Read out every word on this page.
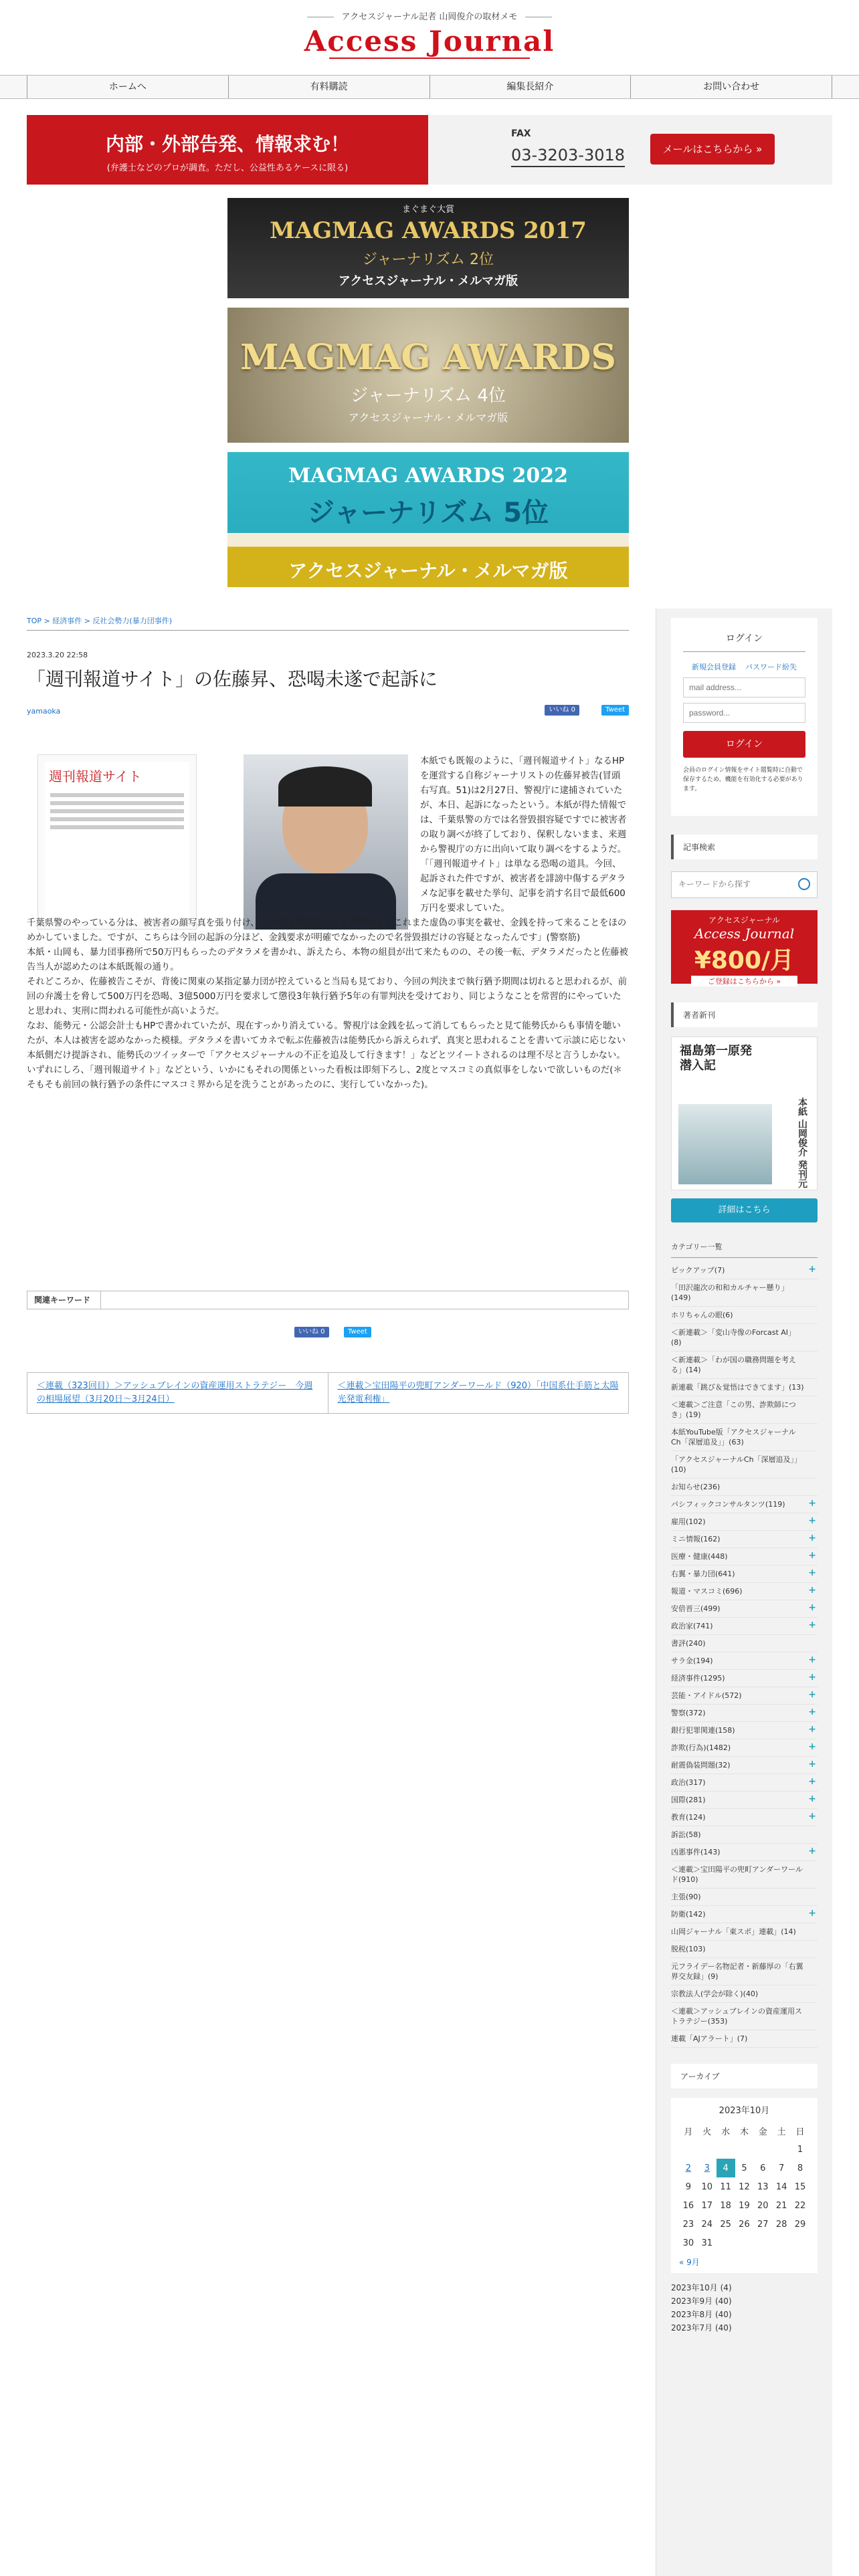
アクセスジャーナル記者 山岡俊介の取材メモ
Access Journal
ホームへ	有料購読	編集長紹介	お問い合わせ
内部・外部告発、情報求む！
(弁護士などのプロが調査。ただし、公益性あるケースに限る)
FAX
03-3203-3018	メールはこちらから »
まぐまぐ大賞
MAGMAG AWARDS 2017
ジャーナリズム 2位
アクセスジャーナル・メルマガ版
MAGMAG AWARDS
ジャーナリズム 4位
アクセスジャーナル・メルマガ版
MAGMAG AWARDS 2022
ジャーナリズム 5位
アクセスジャーナル・メルマガ版
TOP > 経済事件 > 反社会勢力(暴力団事件)
2023.3.20 22:58
「週刊報道サイト」の佐藤昇、恐喝未遂で起訴に
yamaoka	いいね 0	Tweet
週刊報道サイト

本紙でも既報のように、「週刊報道サイト」なるHPを運営する自称ジャーナリストの佐藤昇被告(冒頭右写真。51)は2月27日、警視庁に逮捕されていたが、本日、起訴になったという。本紙が得た情報では、千葉県警の方では名誉毀損容疑ですでに被害者の取り調べが終了しており、保釈しないまま、来週から警視庁の方に出向いて取り調べをするようだ。「「週刊報道サイト」は単なる恐喝の道具。今回、起訴された件ですが、被害者を誹謗中傷するデタラメな記事を載せた挙句、記事を消す名目で最低600万円を要求していた。

千葉県警のやっている分は、被害者の顔写真を張り付け、この者は指定暴力団と関係あるとこれまた虚偽の事実を載せ、金銭を持って来ることをほのめかしていました。ですが、こちらは今回の起訴の分ほど、金銭要求が明確でなかったので名誉毀損だけの容疑となったんです」(警察筋)

本紙・山岡も、暴力団事務所で50万円もらったのデタラメを書かれ、訴えたら、本物の組員が出て来たものの、その後一転、デタラメだったと佐藤被告当人が認めたのは本紙既報の通り。

それどころか、佐藤被告こそが、背後に関東の某指定暴力団が控えていると当局も見ており、今回の判決まで執行猶予期間は切れると思われるが、前回の弁護士を脅して500万円を恐喝、3億5000万円を要求して懲役3年執行猶予5年の有罪判決を受けており、同じようなことを常習的にやっていたと思われ、実刑に問われる可能性が高いようだ。

なお、能勢元・公認会計士もHPで書かれていたが、現在すっかり消えている。警視庁は金銭を払って消してもらったと見て能勢氏からも事情を聴いたが、本人は被害を認めなかった模様。デタラメを書いてカネで転ぶ佐藤被告は能勢氏から訴えられず、真実と思われることを書いて示談に応じない本紙側だけ提訴され、能勢氏のツイッターで「アクセスジャーナルの不正を追及して行きます！」などとツイートされるのは理不尽と言うしかない。

いずれにしろ、「週刊報道サイト」などという、いかにもそれの関係といった看板は即刻下ろし、2度とマスコミの真似事をしないで欲しいものだ(＊そもそも前回の執行猶予の条件にマスコミ界から足を洗うことがあったのに、実行していなかった)。

関連キーワード
いいね 0	Tweet
＜連載（323回目）＞アッシュブレインの資産運用ストラテジー　今週の相場展望（3月20日～3月24日）
＜連載＞宝田陽平の兜町アンダーワールド（920）「中国系仕手筋と太陽光発電利権」
ログイン
新規会員登録 パスワード紛失
mail address...
ログイン
会員のログイン情報をサイト閲覧時に自動で保存するため、機能を有効化する必要があります。
記事検索
キーワードから探す
アクセスジャーナル
Access Journal
¥800/月
ご登録はこちらから »
著者新刊
福島第一原発
潜入記
本紙 山岡俊介 発刊元
詳細はこちら
カテゴリー一覧
ピックアップ(7)	+
「田沢龍次の和和カルチャー懸り」(149)
ホリちゃんの眼(6)
＜新連載＞「変山寺像のForcast AI」(8)
＜新連載＞「わが国の職務問題を考える」(14)
新連載「跳び＆覚悟はできてます」(13)
＜連載＞ご注意「この男、詐欺師につき」(19)
本紙YouTube版「アクセスジャーナルCh「深層追及」」(63)
「アクセスジャーナルCh「深層追及」」(10)
お知らせ(236)
パシフィックコンサルタンツ(119) +
雇用(102)	+
ミニ情報(162)	+
医療・健康(448)	+
右翼・暴力団(641)	+
報道・マスコミ(696)	+
安倍晋三(499)	+
政治家(741)	+
書評(240)
サラ金(194)	+
経済事件(1295)	+
芸能・アイドル(572)	+
警察(372)	+
銀行犯罪関連(158)	+
詐欺(行為)(1482)	+
耐震偽装問題(32)	+
政治(317)	+
国際(281)	+
教育(124)	+
訴訟(58)
凶悪事件(143)	+
＜連載＞宝田陽平の兜町アンダーワールド(910)
主張(90)
防衛(142)	+
山岡ジャーナル「東スポ」連載」(14)
脱税(103)
元フライデー名物記者・新藤厚の「右翼界交友録」(9)
宗教法人(学会が除く)(40)
＜連載＞アッシュブレインの資産運用ストラテジー(353)
連載「AJアラート」(7)
アーカイブ
2023年10月
月	火	水	木	金	土	日
						1
2	3	4	5	6	7	8
9	10	11	12	13	14	15
16	17	18	19	20	21	22
23	24	25	26	27	28	29
30	31					
« 9月
2023年10月 (4)
2023年9月 (40)
2023年8月 (40)
2023年7月 (40)
